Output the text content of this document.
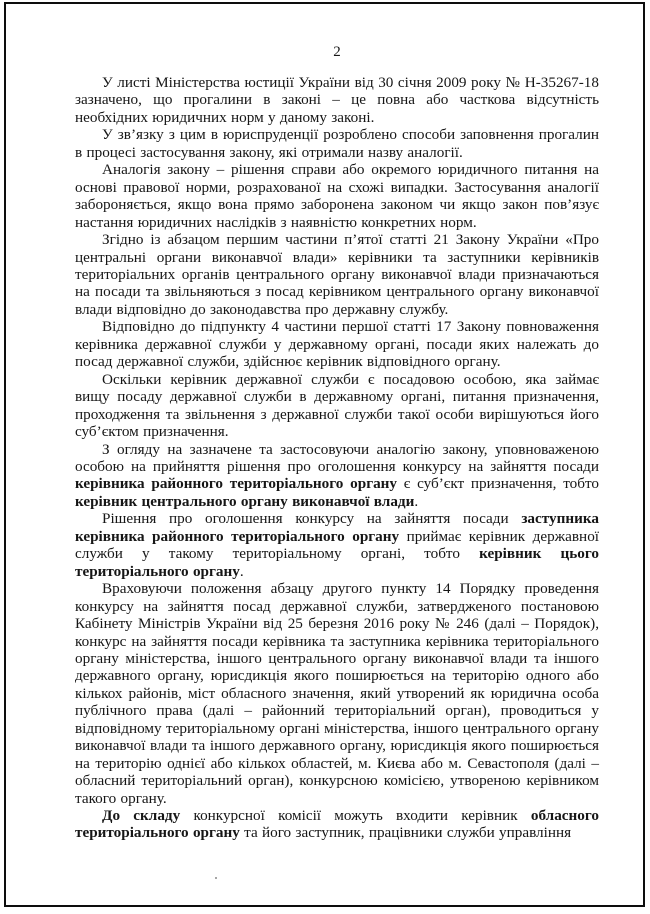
2

У листі Міністерства юстиції України від 30 січня 2009 року № Н-35267-18 зазначено, що прогалини в законі – це повна або часткова відсутність необхідних юридичних норм у даному законі.

У зв’язку з цим в юриспруденції розроблено способи заповнення прогалин в процесі застосування закону, які отримали назву аналогії.

Аналогія закону – рішення справи або окремого юридичного питання на основі правової норми, розрахованої на схожі випадки. Застосування аналогії забороняється, якщо вона прямо заборонена законом чи якщо закон пов’язує настання юридичних наслідків з наявністю конкретних норм.

Згідно із абзацом першим частини п’ятої статті 21 Закону України «Про центральні органи виконавчої влади» керівники та заступники керівників територіальних органів центрального органу виконавчої влади призначаються на посади та звільняються з посад керівником центрального органу виконавчої влади відповідно до законодавства про державну службу.

Відповідно до підпункту 4 частини першої статті 17 Закону повноваження керівника державної служби у державному органі, посади яких належать до посад державної служби, здійснює керівник відповідного органу.

Оскільки керівник державної служби є посадовою особою, яка займає вищу посаду державної служби в державному органі, питання призначення, проходження та звільнення з державної служби такої особи вирішуються його суб’єктом призначення.

З огляду на зазначене та застосовуючи аналогію закону, уповноваженою особою на прийняття рішення про оголошення конкурсу на зайняття посади керівника районного територіального органу є суб’єкт призначення, тобто керівник центрального органу виконавчої влади.

Рішення про оголошення конкурсу на зайняття посади заступника керівника районного територіального органу приймає керівник державної служби у такому територіальному органі, тобто керівник цього територіального органу.

Враховуючи положення абзацу другого пункту 14 Порядку проведення конкурсу на зайняття посад державної служби, затвердженого постановою Кабінету Міністрів України від 25 березня 2016 року № 246 (далі – Порядок), конкурс на зайняття посади керівника та заступника керівника територіального органу міністерства, іншого центрального органу виконавчої влади та іншого державного органу, юрисдикція якого поширюється на територію одного або кількох районів, міст обласного значення, який утворений як юридична особа публічного права (далі – районний територіальний орган), проводиться у відповідному територіальному органі міністерства, іншого центрального органу виконавчої влади та іншого державного органу, юрисдикція якого поширюється на територію однієї або кількох областей, м. Києва або м. Севастополя (далі – обласний територіальний орган), конкурсною комісією, утвореною керівником такого органу.

До складу конкурсної комісії можуть входити керівник обласного територіального органу та його заступник, працівники служби управління
